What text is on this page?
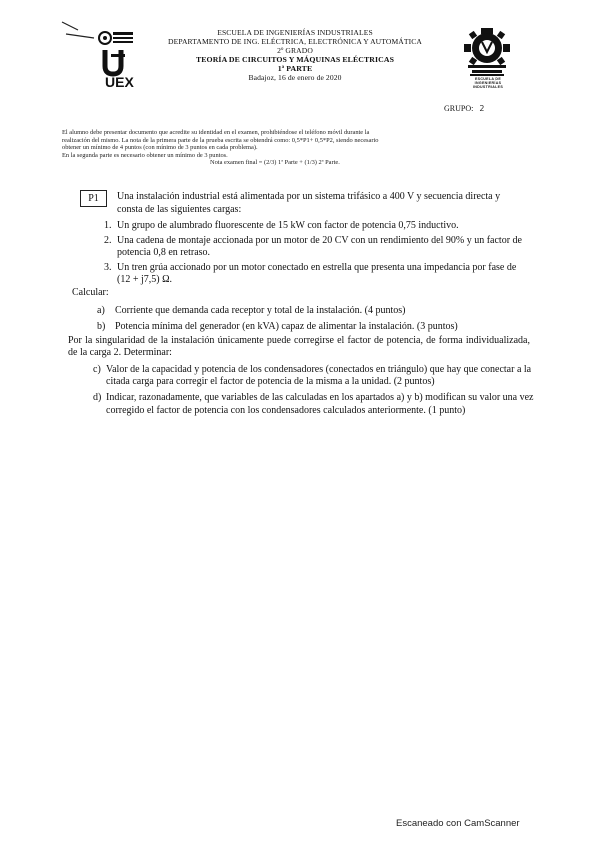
UEX
ESCUELA DE INGENIERÍAS INDUSTRIALES
DEPARTAMENTO DE ING. ELÉCTRICA, ELECTRÓNICA Y AUTOMÁTICA
2º GRADO
TEORÍA DE CIRCUITOS Y MÁQUINAS ELÉCTRICAS
1ª PARTE
Badajoz, 16 de enero de 2020	ESCUELA DE INGENIERÍAS INDUSTRIALES
GRUPO: 2
El alumno debe presentar documento que acredite su identidad en el examen, prohibiéndose el teléfono móvil durante la
realización del mismo. La nota de la primera parte de la prueba escrita se obtendrá como: 0,5*P1+ 0,5*P2, siendo necesario
obtener un mínimo de 4 puntos (con mínimo de 3 puntos en cada problema).
En la segunda parte es necesario obtener un mínimo de 3 puntos.
Nota examen final = (2/3) 1ª Parte + (1/3) 2ª Parte.
P1	Una instalación industrial está alimentada por un sistema trifásico a 400 V y secuencia directa y consta de las siguientes cargas:
1. Un grupo de alumbrado fluorescente de 15 kW con factor de potencia 0,75 inductivo.
2. Una cadena de montaje accionada por un motor de 20 CV con un rendimiento del 90% y un factor de potencia 0,8 en retraso.
3. Un tren grúa accionado por un motor conectado en estrella que presenta una impedancia por fase de (12 + j7,5) Ω.
Calcular:
a) Corriente que demanda cada receptor y total de la instalación. (4 puntos)
b) Potencia mínima del generador (en kVA) capaz de alimentar la instalación. (3 puntos)
Por la singularidad de la instalación únicamente puede corregirse el factor de potencia, de forma individualizada, de la carga 2. Determinar:
c) Valor de la capacidad y potencia de los condensadores (conectados en triángulo) que hay que conectar a la citada carga para corregir el factor de potencia de la misma a la unidad. (2 puntos)
d) Indicar, razonadamente, que variables de las calculadas en los apartados a) y b) modifican su valor una vez corregido el factor de potencia con los condensadores calculados anteriormente. (1 punto)
Escaneado con CamScanner
